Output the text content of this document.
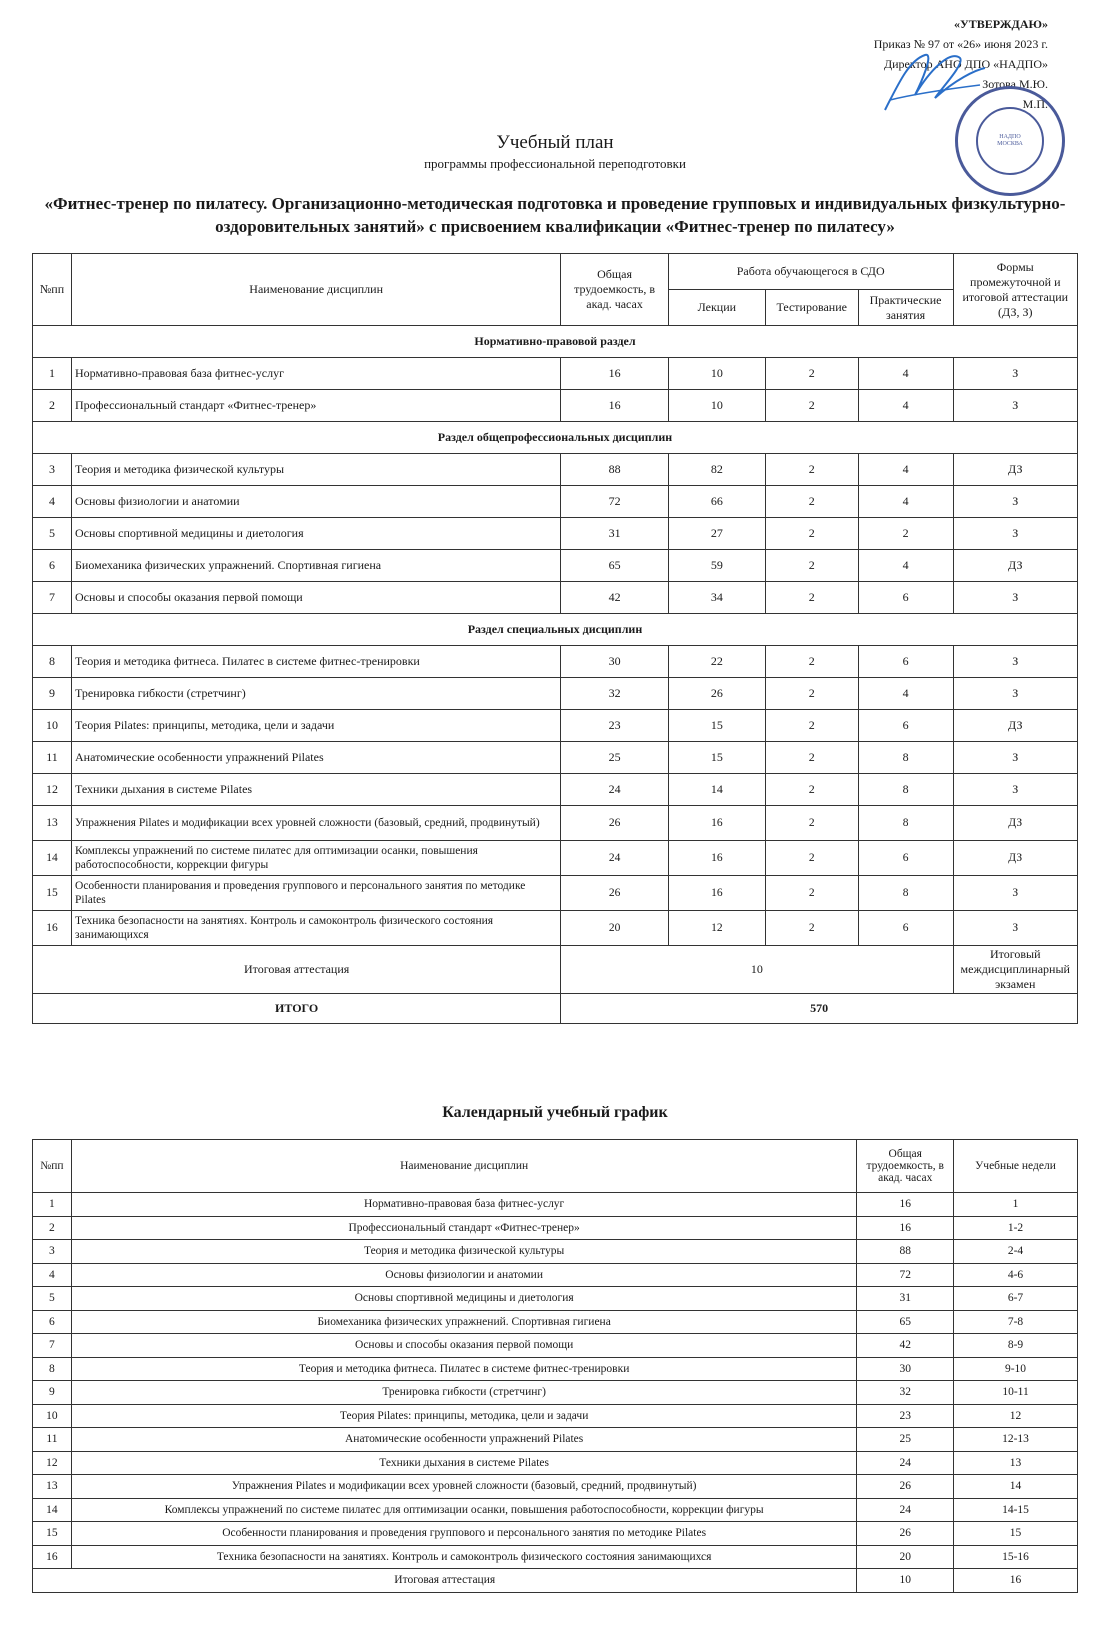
«УТВЕРЖДАЮ»
Приказ № 97 от «26» июня 2023 г.
Директор АНО ДПО «НАДПО»
Зотова М.Ю.
М.П.
НАДПО
МОСКВА
Учебный план
программы профессиональной переподготовки
«Фитнес-тренер по пилатесу. Организационно-методическая подготовка и проведение групповых и индивидуальных физкультурно-оздоровительных занятий» с присвоением квалификации «Фитнес-тренер по пилатесу»
№пп	Наименование дисциплин	Общая трудоемкость, в акад. часах	Работа обучающегося в СДО			Формы промежуточной и итоговой аттестации (ДЗ, З)
			Лекции	Тестирование	Практические занятия	
Нормативно-правовой раздел						
1	Нормативно-правовая база фитнес-услуг	16	10	2	4	З
2	Профессиональный стандарт «Фитнес-тренер»	16	10	2	4	З
Раздел общепрофессиональных дисциплин						
3	Теория и методика физической культуры	88	82	2	4	ДЗ
4	Основы физиологии и анатомии	72	66	2	4	З
5	Основы спортивной медицины и диетология	31	27	2	2	З
6	Биомеханика физических упражнений. Спортивная гигиена	65	59	2	4	ДЗ
7	Основы и способы оказания первой помощи	42	34	2	6	З
Раздел специальных дисциплин						
8	Теория и методика фитнеса. Пилатес в системе фитнес-тренировки	30	22	2	6	З
9	Тренировка гибкости (стретчинг)	32	26	2	4	З
10	Теория Pilates: принципы, методика, цели и задачи	23	15	2	6	ДЗ
11	Анатомические особенности упражнений Pilates	25	15	2	8	З
12	Техники дыхания в системе Pilates	24	14	2	8	З
13	Упражнения Pilates и модификации всех уровней сложности (базовый, средний, продвинутый)	26	16	2	8	ДЗ
14	Комплексы упражнений по системе пилатес для оптимизации осанки, повышения работоспособности, коррекции фигуры	24	16	2	6	ДЗ
15	Особенности планирования и проведения группового и персонального занятия по методике Pilates	26	16	2	8	З
16	Техника безопасности на занятиях. Контроль и самоконтроль физического состояния занимающихся	20	12	2	6	З
Итоговая аттестация		10				Итоговый междисциплинарный экзамен
ИТОГО		570				
Календарный учебный график
№пп	Наименование дисциплин	Общая трудоемкость, в акад. часах	Учебные недели
1	Нормативно-правовая база фитнес-услуг	16	1
2	Профессиональный стандарт «Фитнес-тренер»	16	1-2
3	Теория и методика физической культуры	88	2-4
4	Основы физиологии и анатомии	72	4-6
5	Основы спортивной медицины и диетология	31	6-7
6	Биомеханика физических упражнений. Спортивная гигиена	65	7-8
7	Основы и способы оказания первой помощи	42	8-9
8	Теория и методика фитнеса. Пилатес в системе фитнес-тренировки	30	9-10
9	Тренировка гибкости (стретчинг)	32	10-11
10	Теория Pilates: принципы, методика, цели и задачи	23	12
11	Анатомические особенности упражнений Pilates	25	12-13
12	Техники дыхания в системе Pilates	24	13
13	Упражнения Pilates и модификации всех уровней сложности (базовый, средний, продвинутый)	26	14
14	Комплексы упражнений по системе пилатес для оптимизации осанки, повышения работоспособности, коррекции фигуры	24	14-15
15	Особенности планирования и проведения группового и персонального занятия по методике Pilates	26	15
16	Техника безопасности на занятиях. Контроль и самоконтроль физического состояния занимающихся	20	15-16
Итоговая аттестация		10	16
